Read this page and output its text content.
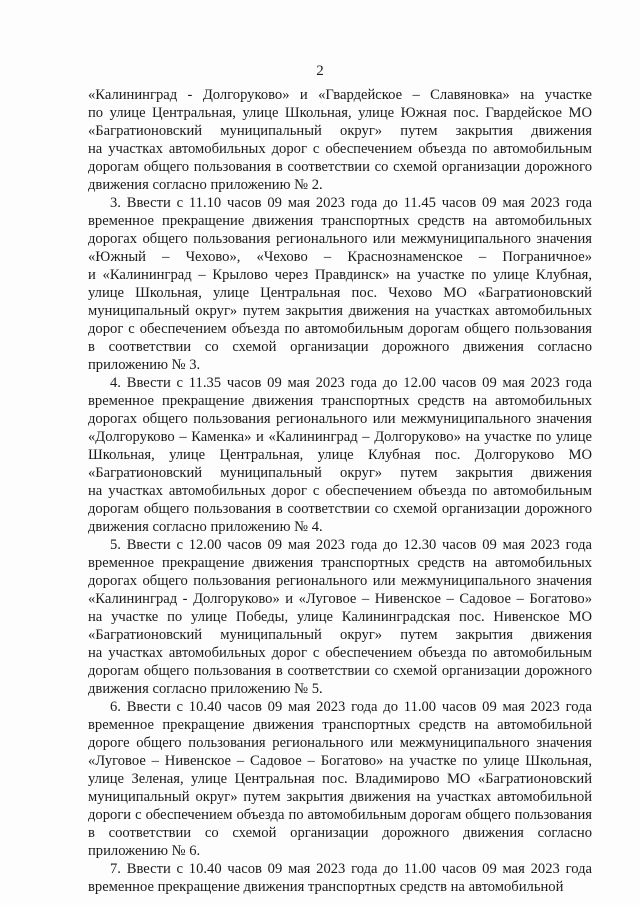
2
«Калининград - Долгоруково» и «Гвардейское – Славяновка» на участке
по улице Центральная, улице Школьная, улице Южная пос. Гвардейское МО
«Багратионовский муниципальный округ» путем закрытия движения
на участках автомобильных дорог с обеспечением объезда по автомобильным
дорогам общего пользования в соответствии со схемой организации дорожного
движения согласно приложению № 2.
3. Ввести с 11.10 часов 09 мая 2023 года до 11.45 часов 09 мая 2023 года
временное прекращение движения транспортных средств на автомобильных
дорогах общего пользования регионального или межмуниципального значения
«Южный – Чехово», «Чехово – Краснознаменское – Пограничное»
и «Калининград – Крылово через Правдинск» на участке по улице Клубная,
улице Школьная, улице Центральная пос. Чехово МО «Багратионовский
муниципальный округ» путем закрытия движения на участках автомобильных
дорог с обеспечением объезда по автомобильным дорогам общего пользования
в соответствии со схемой организации дорожного движения согласно
приложению № 3.
4. Ввести с 11.35 часов 09 мая 2023 года до 12.00 часов 09 мая 2023 года
временное прекращение движения транспортных средств на автомобильных
дорогах общего пользования регионального или межмуниципального значения
«Долгоруково – Каменка» и «Калининград – Долгоруково» на участке по улице
Школьная, улице Центральная, улице Клубная пос. Долгоруково МО
«Багратионовский муниципальный округ» путем закрытия движения
на участках автомобильных дорог с обеспечением объезда по автомобильным
дорогам общего пользования в соответствии со схемой организации дорожного
движения согласно приложению № 4.
5. Ввести с 12.00 часов 09 мая 2023 года до 12.30 часов 09 мая 2023 года
временное прекращение движения транспортных средств на автомобильных
дорогах общего пользования регионального или межмуниципального значения
«Калининград - Долгоруково» и «Луговое – Нивенское – Садовое – Богатово»
на участке по улице Победы, улице Калининградская пос. Нивенское МО
«Багратионовский муниципальный округ» путем закрытия движения
на участках автомобильных дорог с обеспечением объезда по автомобильным
дорогам общего пользования в соответствии со схемой организации дорожного
движения согласно приложению № 5.
6. Ввести с 10.40 часов 09 мая 2023 года до 11.00 часов 09 мая 2023 года
временное прекращение движения транспортных средств на автомобильной
дороге общего пользования регионального или межмуниципального значения
«Луговое – Нивенское – Садовое – Богатово» на участке по улице Школьная,
улице Зеленая, улице Центральная пос. Владимирово МО «Багратионовский
муниципальный округ» путем закрытия движения на участках автомобильной
дороги с обеспечением объезда по автомобильным дорогам общего пользования
в соответствии со схемой организации дорожного движения согласно
приложению № 6.
7. Ввести с 10.40 часов 09 мая 2023 года до 11.00 часов 09 мая 2023 года
временное прекращение движения транспортных средств на автомобильной
